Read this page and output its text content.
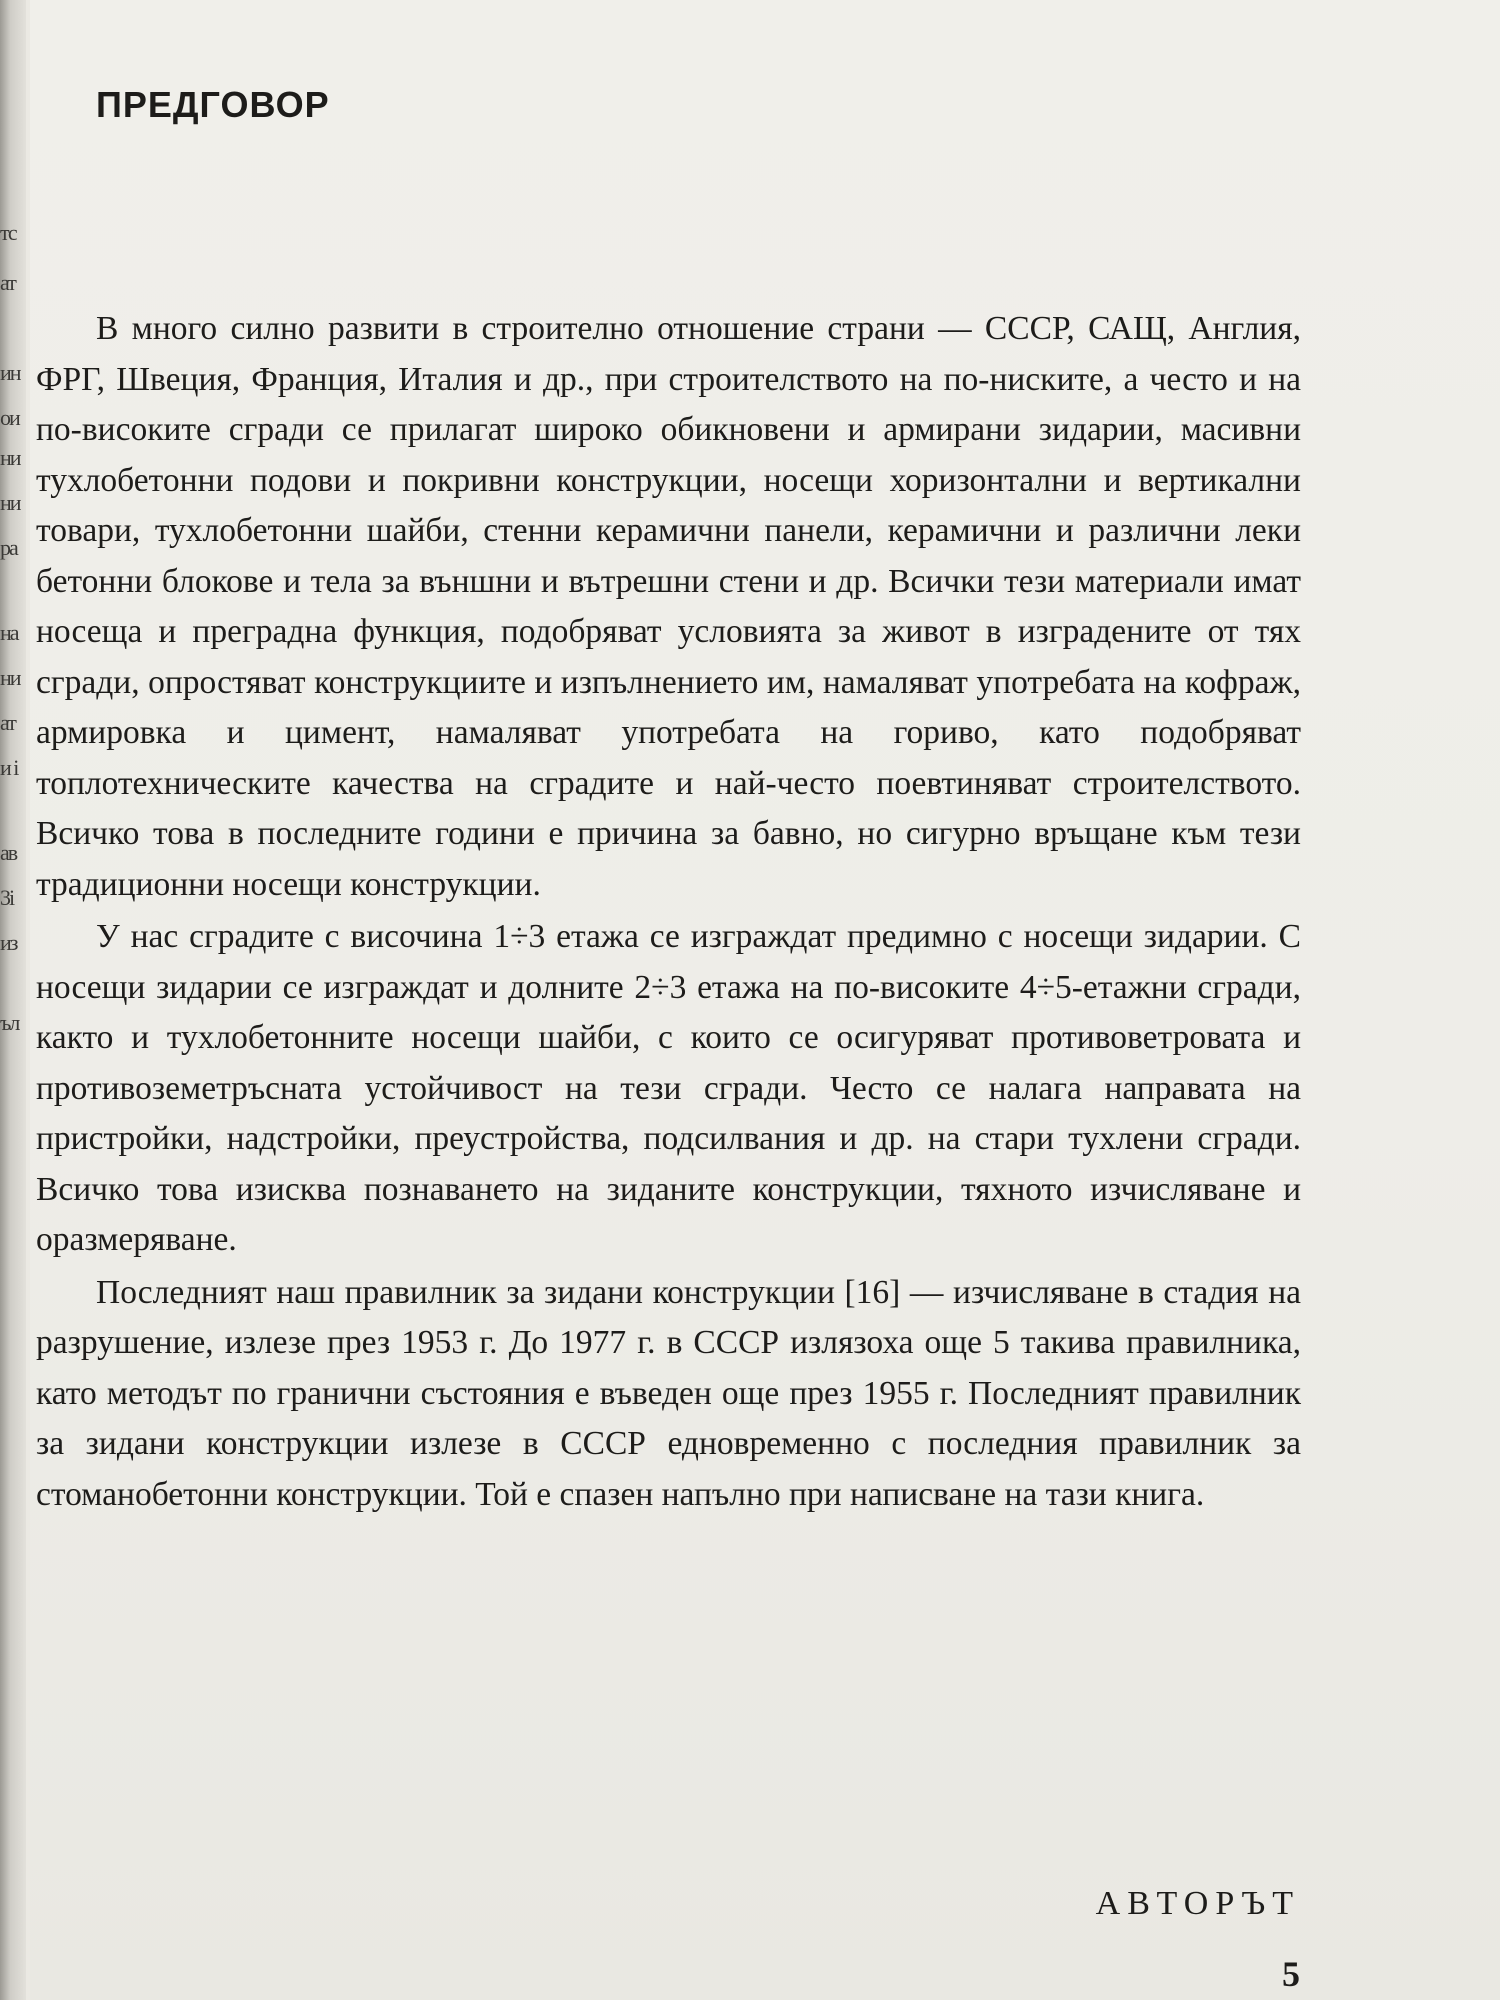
тс
ат
ин
ои
ни
ни
ра
на
ни
ат
и і
ав
3і
из
ъл
ПРЕДГОВОР

В много силно развити в строително отношение страни — СССР, САЩ, Англия, ФРГ, Швеция, Франция, Италия и др., при строителството на по-ниските, а често и на по-високите сгради се прилагат широко обикновени и армирани зидарии, масивни тухлобетонни подови и покривни конструкции, носещи хоризонтални и вертикални товари, тухлобетонни шайби, стенни керамични панели, керамични и различни леки бетонни блокове и тела за външни и вътрешни стени и др. Всички тези материали имат носеща и преградна функция, подобряват условията за живот в изградените от тях сгради, опростяват конструкциите и изпълнението им, намаляват употребата на кофраж, армировка и цимент, намаляват употребата на гориво, като подобряват топлотехническите качества на сградите и най-често поевтиняват строителството. Всичко това в последните години е причина за бавно, но сигурно връщане към тези традиционни носещи конструкции.

У нас сградите с височина 1÷3 етажа се изграждат предимно с носещи зидарии. С носещи зидарии се изграждат и долните 2÷3 етажа на по-високите 4÷5-етажни сгради, както и тухлобетонните носещи шайби, с които се осигуряват противоветровата и противоземетръсната устойчивост на тези сгради. Често се налага направата на пристройки, надстройки, преустройства, подсилвания и др. на стари тухлени сгради. Всичко това изисква познаването на зиданите конструкции, тяхното изчисляване и оразмеряване.

Последният наш правилник за зидани конструкции [16] — изчисляване в стадия на разрушение, излезе през 1953 г. До 1977 г. в СССР излязоха още 5 такива правилника, като методът по гранични състояния е въведен още през 1955 г. Последният правилник за зидани конструкции излезе в СССР едновременно с последния правилник за стоманобетонни конструкции. Той е спазен напълно при написване на тази книга.

АВТОРЪТ
5
